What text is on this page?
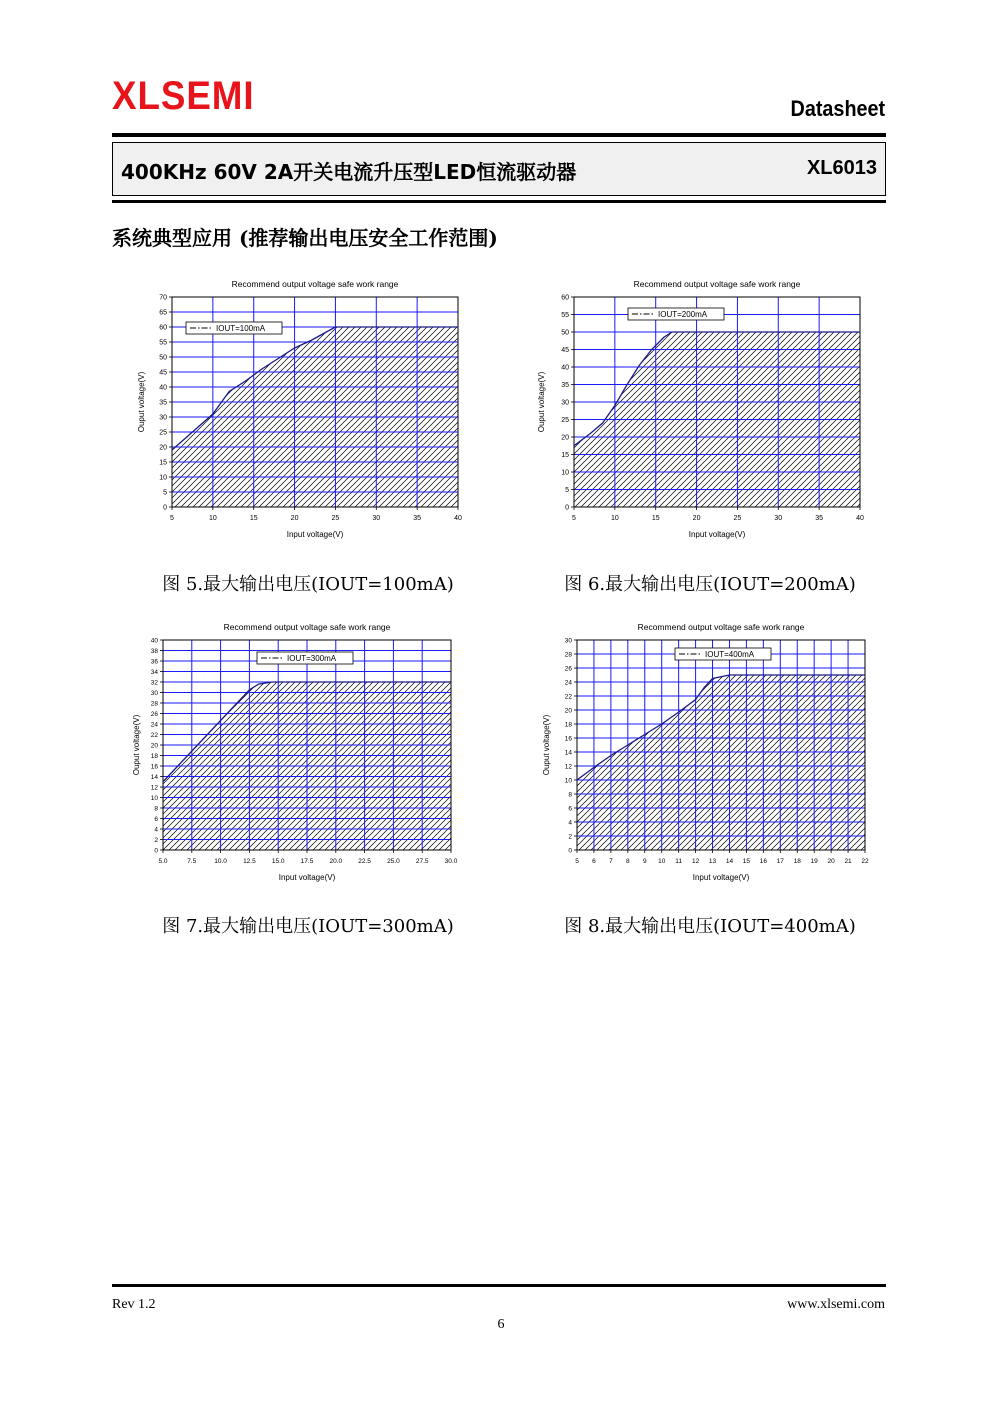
XLSEMI	Datasheet
400KHz 60V 2A开关电流升压型LED恒流驱动器	XL6013
系统典型应用 (推荐输出电压安全工作范围)
Recommend output voltage safe work range
5	10	15	20	25	30	35	40
0
5
10
15
20
25
30
35
40
45
50
55
60
65
70
IOUT=100mA
Input voltage(V)
Ouput voltage(V)
Recommend output voltage safe work range
5	10	15	20	25	30	35	40
0
5
10
15
20
25
30
35
40
45
50
55
60
IOUT=200mA
Input voltage(V)
Ouput voltage(V)
Recommend output voltage safe work range
5.0	7.5	10.0 12.5 15.0 17.5 20.0 22.5 25.0 27.5 30.0
0
2
4
6
8
10
12
14
16
18
20
22
24
26
28
30
32
34
36
38
40
IOUT=300mA
Input voltage(V)
Ouput voltage(V)
Recommend output voltage safe work range
5 6 7 8 9 10 11 12 13 14 15 16 17 18 19 20 21 22
0
2
4
6
8
10
12
14
16
18
20
22
24
26
28
30
IOUT=400mA
Input voltage(V)
Ouput voltage(V)
图 5.最大输出电压(IOUT=100mA)	图 6.最大输出电压(IOUT=200mA)
图 7.最大输出电压(IOUT=300mA)	图 8.最大输出电压(IOUT=400mA)
Rev 1.2	www.xlsemi.com
6
